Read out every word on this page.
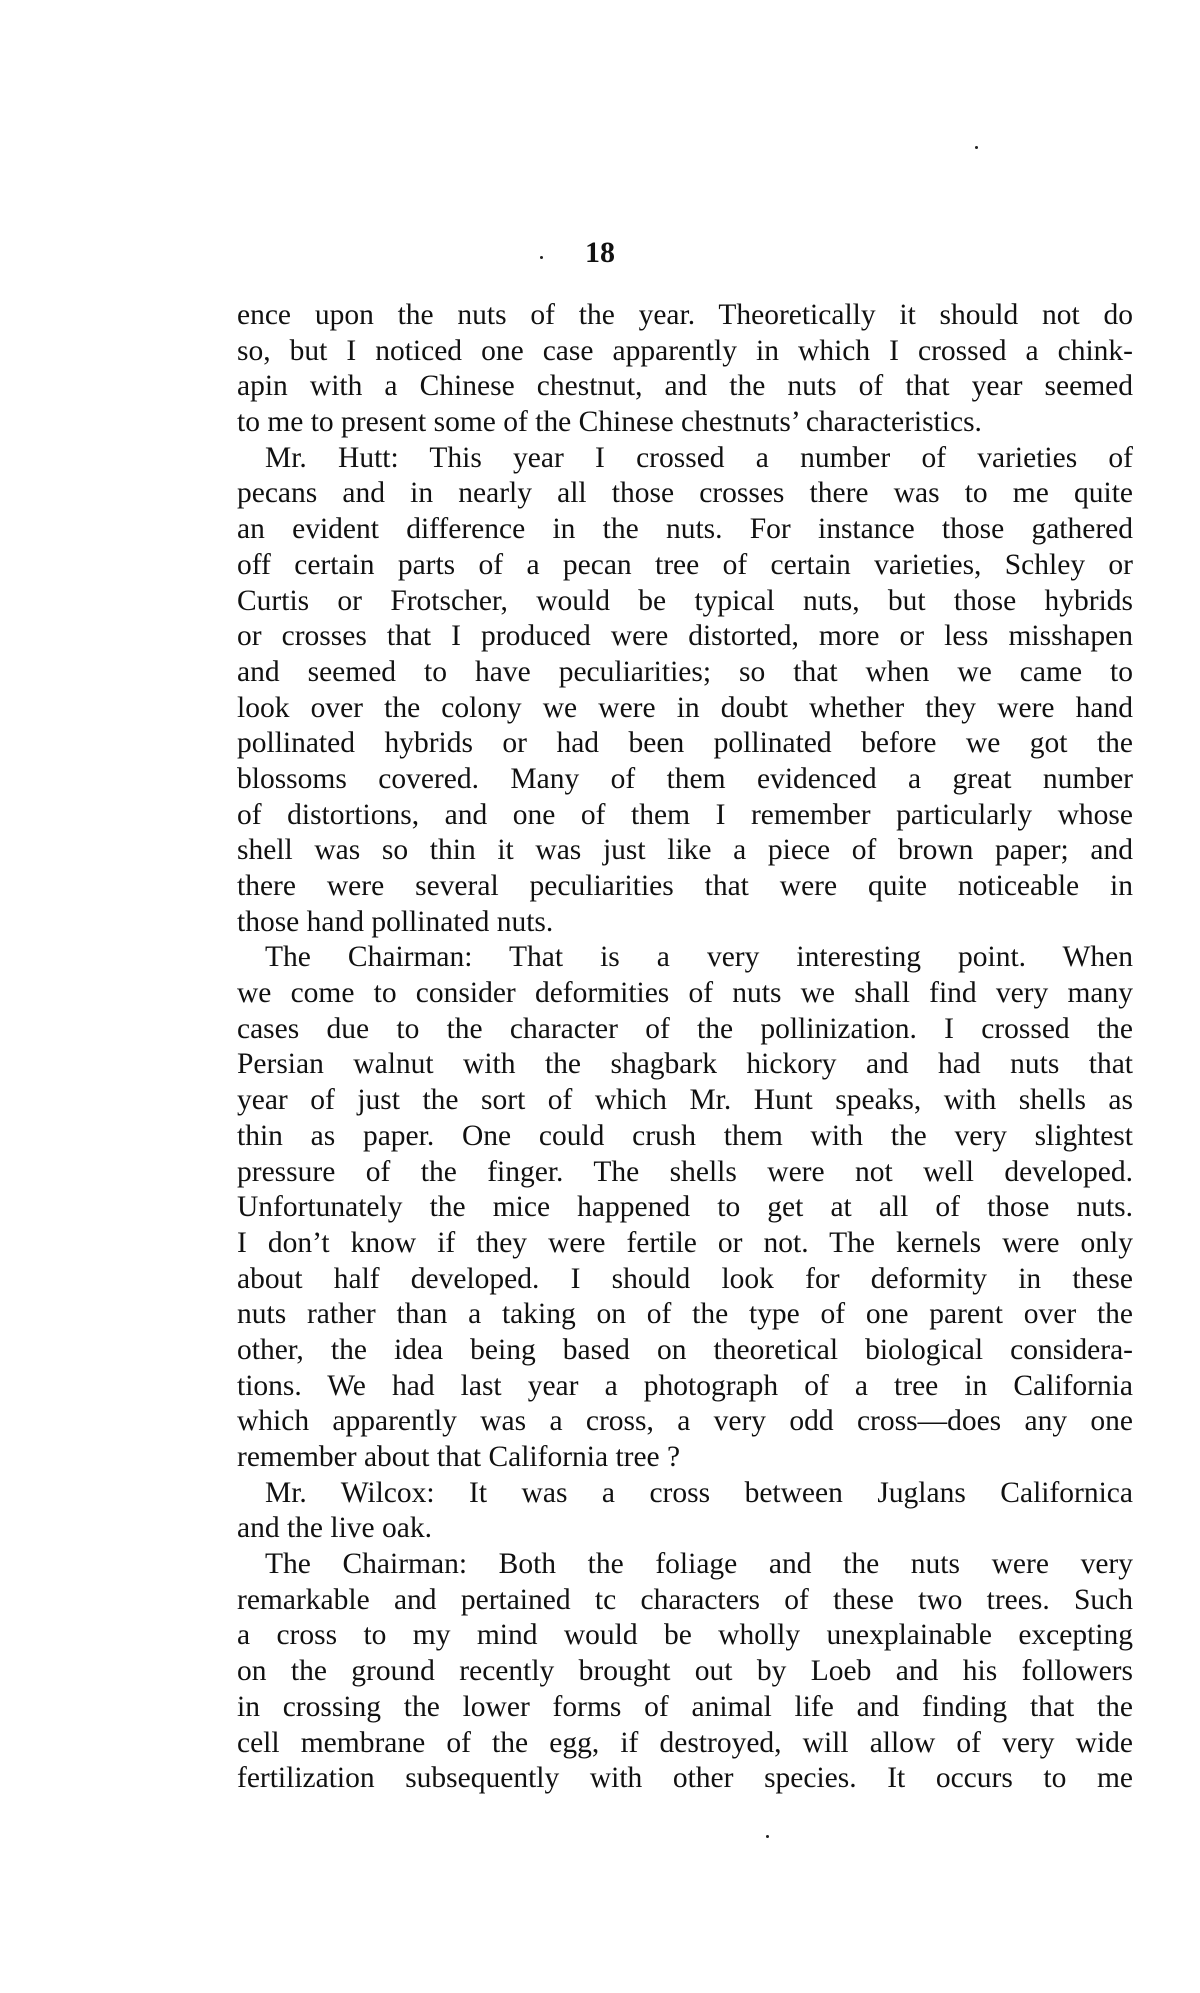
18
ence upon the nuts of the year. Theoretically it should not do
so, but I noticed one case apparently in which I crossed a chink-
apin with a Chinese chestnut, and the nuts of that year seemed
to me to present some of the Chinese chestnuts’ characteristics.
Mr. Hutt: This year I crossed a number of varieties of
pecans and in nearly all those crosses there was to me quite
an evident difference in the nuts. For instance those gathered
off certain parts of a pecan tree of certain varieties, Schley or
Curtis or Frotscher, would be typical nuts, but those hybrids
or crosses that I produced were distorted, more or less misshapen
and seemed to have peculiarities; so that when we came to
look over the colony we were in doubt whether they were hand
pollinated hybrids or had been pollinated before we got the
blossoms covered. Many of them evidenced a great number
of distortions, and one of them I remember particularly whose
shell was so thin it was just like a piece of brown paper; and
there were several peculiarities that were quite noticeable in
those hand pollinated nuts.
The Chairman: That is a very interesting point. When
we come to consider deformities of nuts we shall find very many
cases due to the character of the pollinization. I crossed the
Persian walnut with the shagbark hickory and had nuts that
year of just the sort of which Mr. Hunt speaks, with shells as
thin as paper. One could crush them with the very slightest
pressure of the finger. The shells were not well developed.
Unfortunately the mice happened to get at all of those nuts.
I don’t know if they were fertile or not. The kernels were only
about half developed. I should look for deformity in these
nuts rather than a taking on of the type of one parent over the
other, the idea being based on theoretical biological considera-
tions. We had last year a photograph of a tree in California
which apparently was a cross, a very odd cross—does any one
remember about that California tree ?
Mr. Wilcox: It was a cross between Juglans Californica
and the live oak.
The Chairman: Both the foliage and the nuts were very
remarkable and pertained tc characters of these two trees. Such
a cross to my mind would be wholly unexplainable excepting
on the ground recently brought out by Loeb and his followers
in crossing the lower forms of animal life and finding that the
cell membrane of the egg, if destroyed, will allow of very wide
fertilization subsequently with other species. It occurs to me
